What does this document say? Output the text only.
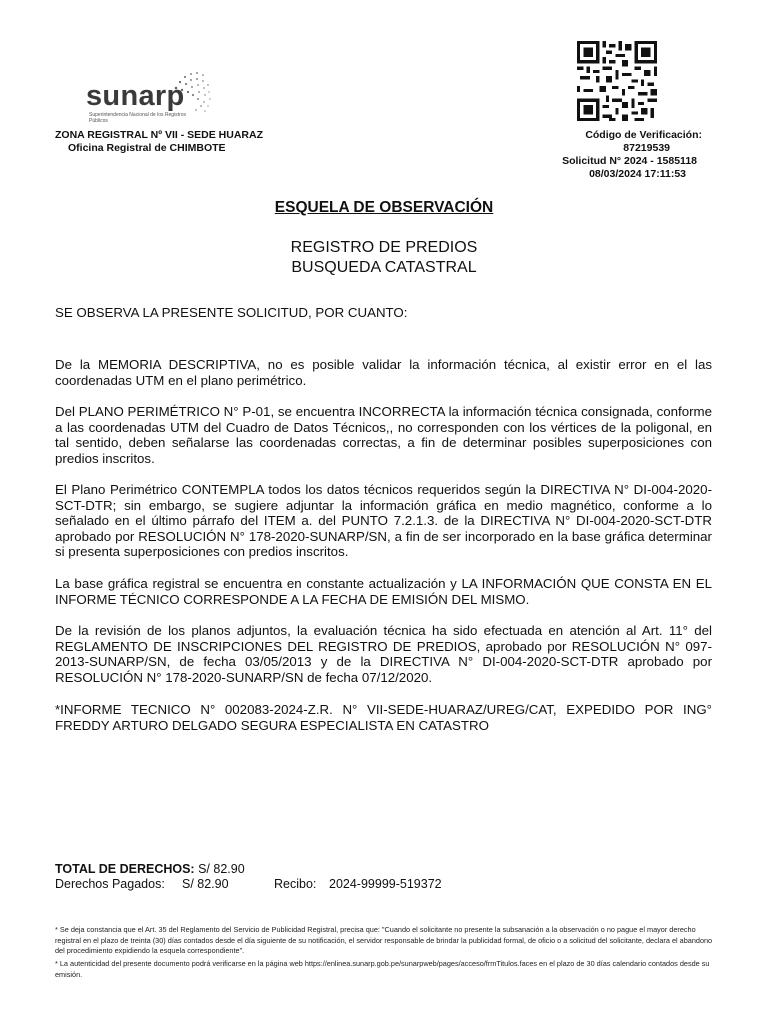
sunarp
Superintendencia Nacional de los Registros Públicos
ZONA REGISTRAL Nº VII - SEDE HUARAZ
Oficina Registral de CHIMBOTE
Código de Verificación:
87219539
Solicitud N° 2024 - 1585118
08/03/2024 17:11:53
ESQUELA DE OBSERVACIÓN
REGISTRO DE PREDIOS
BUSQUEDA CATASTRAL
SE OBSERVA LA PRESENTE SOLICITUD, POR CUANTO:
De la MEMORIA DESCRIPTIVA, no es posible validar la información técnica, al existir error en el las coordenadas UTM en el plano perimétrico.
Del PLANO PERIMÉTRICO N° P-01, se encuentra INCORRECTA la información técnica consignada, conforme a las coordenadas UTM del Cuadro de Datos Técnicos,, no corresponden con los vértices de la poligonal, en tal sentido, deben señalarse las coordenadas correctas, a fin de determinar posibles superposiciones con predios inscritos.
El Plano Perimétrico CONTEMPLA todos los datos técnicos requeridos según la DIRECTIVA N° DI-004-2020-SCT-DTR; sin embargo, se sugiere adjuntar la información gráfica en medio magnético, conforme a lo señalado en el último párrafo del ITEM a. del PUNTO 7.2.1.3. de la DIRECTIVA N° DI-004-2020-SCT-DTR aprobado por RESOLUCIÓN N° 178-2020-SUNARP/SN, a fin de ser incorporado en la base gráfica determinar si presenta superposiciones con predios inscritos.
La base gráfica registral se encuentra en constante actualización y LA INFORMACIÓN QUE CONSTA EN EL INFORME TÉCNICO CORRESPONDE A LA FECHA DE EMISIÓN DEL MISMO.
De la revisión de los planos adjuntos, la evaluación técnica ha sido efectuada en atención al Art. 11° del REGLAMENTO DE INSCRIPCIONES DEL REGISTRO DE PREDIOS, aprobado por RESOLUCIÓN N° 097-2013-SUNARP/SN, de fecha 03/05/2013 y de la DIRECTIVA N° DI-004-2020-SCT-DTR aprobado por RESOLUCIÓN N° 178-2020-SUNARP/SN de fecha 07/12/2020.
*INFORME TECNICO N° 002083-2024-Z.R. N° VII-SEDE-HUARAZ/UREG/CAT, EXPEDIDO POR ING° FREDDY ARTURO DELGADO SEGURA ESPECIALISTA EN CATASTRO
TOTAL DE DERECHOS: S/ 82.90
Derechos Pagados: S/ 82.90	Recibo: 2024-99999-519372
* Se deja constancia que el Art. 35 del Reglamento del Servicio de Publicidad Registral, precisa que: "Cuando el solicitante no presente la subsanación a la observación o no pague el mayor derecho registral en el plazo de treinta (30) días contados desde el día siguiente de su notificación, el servidor responsable de brindar la publicidad formal, de oficio o a solicitud del solicitante, declara el abandono del procedimiento expidiendo la esquela correspondiente".
* La autenticidad del presente documento podrá verificarse en la página web https://enlinea.sunarp.gob.pe/sunarpweb/pages/acceso/frmTitulos.faces en el plazo de 30 días calendario contados desde su emisión.
